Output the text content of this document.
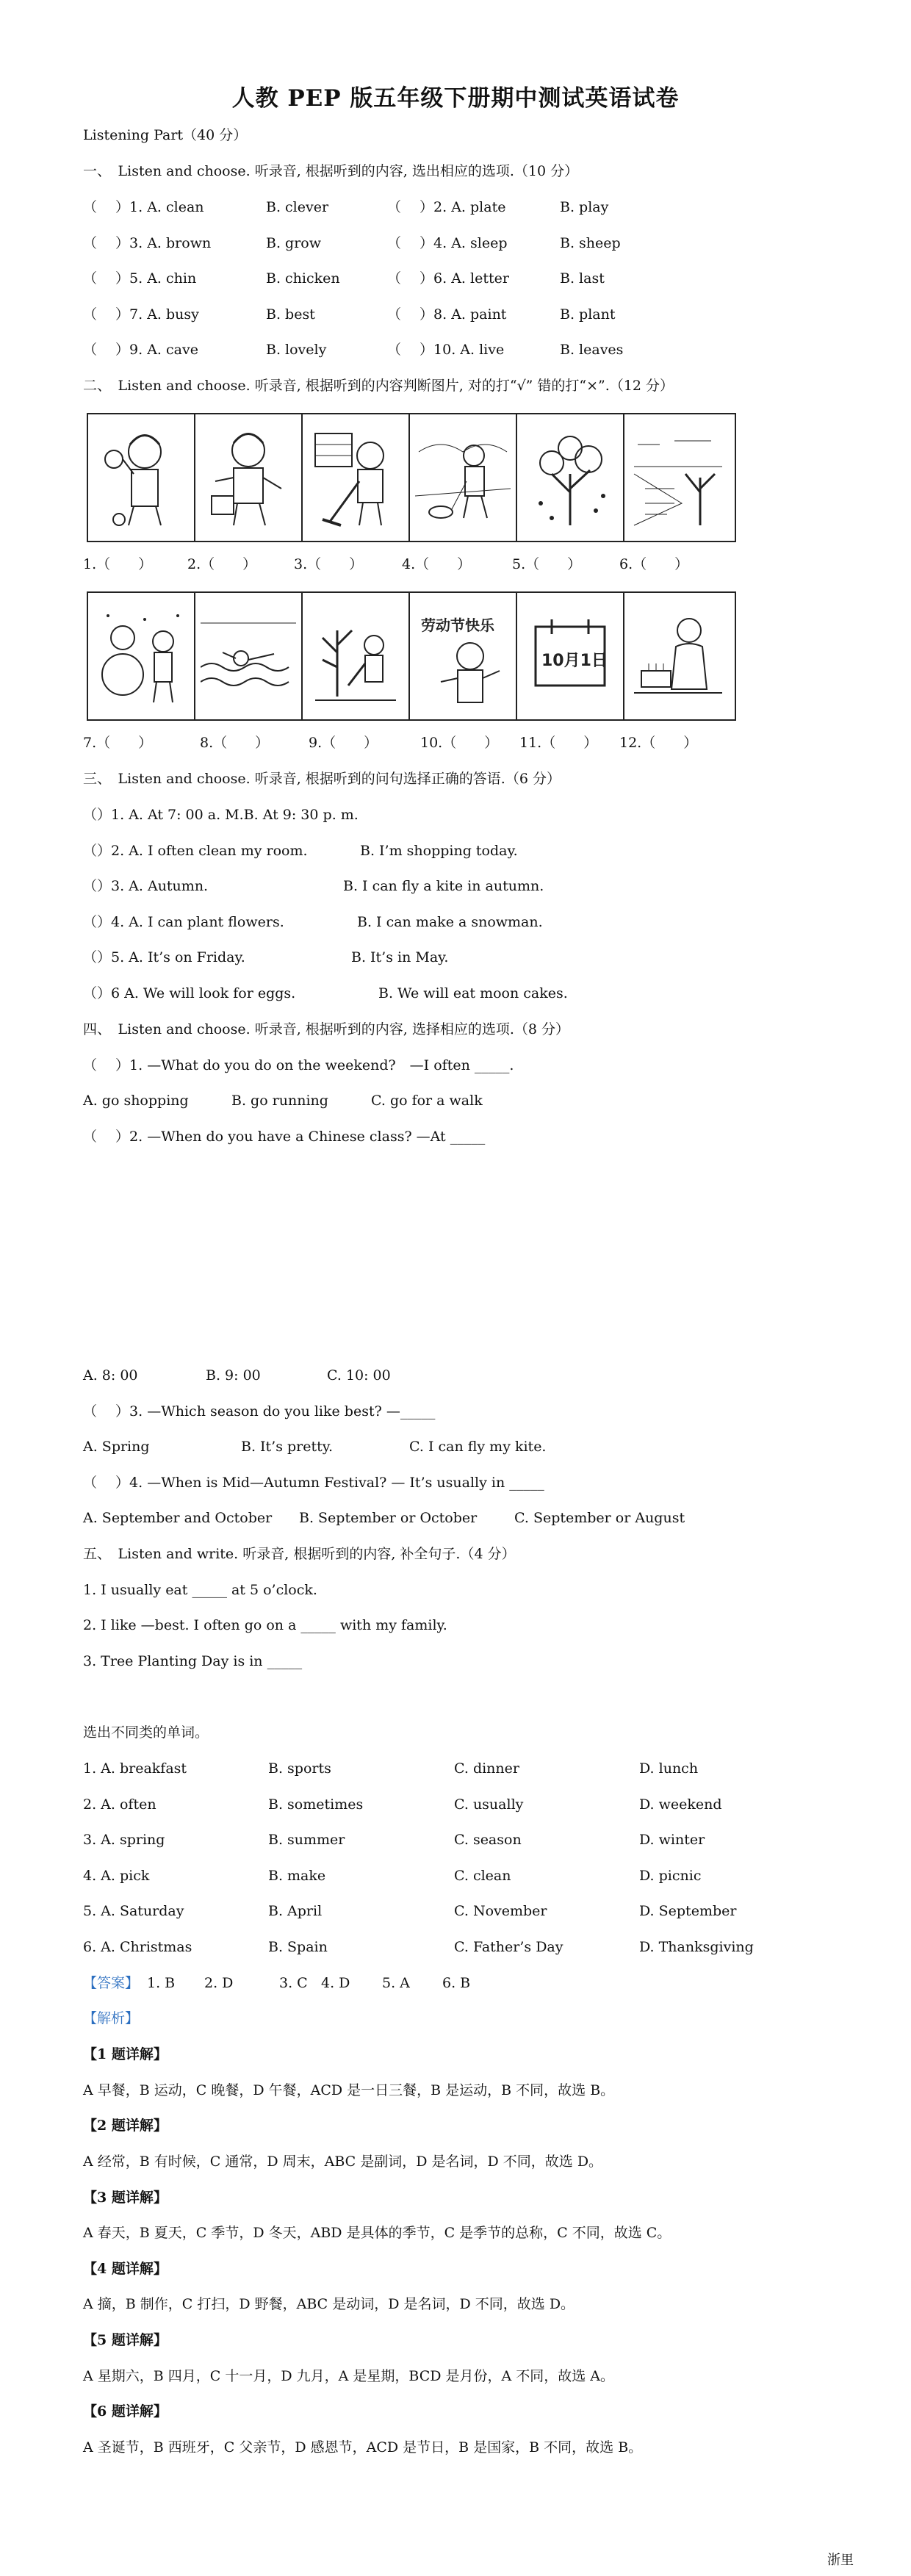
人教 PEP 版五年级下册期中测试英语试卷
Listening Part（40 分）
一、　Listen and choose. 听录音, 根据听到的内容, 选出相应的选项.（10 分）
（　 ）1. A. clean	B. clever	（　 ）2. A. plate	B. play
（　 ）3. A. brown	B. grow	（　 ）4. A. sleep	B. sheep
（　 ）5. A. chin	B. chicken	（　 ）6. A. letter	B. last
（　 ）7. A. busy	B. best	（　 ）8. A. paint	B. plant
（　 ）9. A. cave	B. lovely	（　 ）10. A. live	B. leaves
二、　Listen and choose. 听录音, 根据听到的内容判断图片, 对的打“√” 错的打“×”.（12 分）
1.（　　）	2.（　　）	3.（　　）	4.（　　）	5.（　　）	6.（　　）
劳动节快乐
10月1日
7.（　　）	8.（　　）	9.（　　）	10.（　　） 11.（　　） 12.（　　）
三、　Listen and choose. 听录音, 根据听到的问句选择正确的答语.（6 分）
（）1. A. At 7: 00 a. M.B. At 9: 30 p. m.
（）2. A. I often clean my room.	B. I’m shopping today.
（）3. A. Autumn.	B. I can fly a kite in autumn.
（）4. A. I can plant flowers.	B. I can make a snowman.
（）5. A. It’s on Friday.	B. It’s in May.
（）6 A. We will look for eggs.	B. We will eat moon cakes.
四、　Listen and choose. 听录音, 根据听到的内容, 选择相应的选项.（8 分）
（　 ）1. —What do you do on the weekend?　—I often _____.
A. go shopping	B. go running	C. go for a walk
（　 ）2. —When do you have a Chinese class? —At _____
A. 8: 00	B. 9: 00	C. 10: 00
（　 ）3. —Which season do you like best? —_____
A. Spring	B. It’s pretty.	C. I can fly my kite.
（　 ）4. —When is Mid—Autumn Festival? — It’s usually in _____
A. September and October B. September or October	C. September or August
五、　Listen and write. 听录音, 根据听到的内容, 补全句子.（4 分）
1. I usually eat _____ at 5 o’clock.
2. I like —best. I often go on a _____ with my family.
3. Tree Planting Day is in _____
选出不同类的单词。
1. A. breakfast	B. sports	C. dinner	D. lunch
2. A. often	B. sometimes	C. usually	D. weekend
3. A. spring	B. summer	C. season	D. winter
4. A. pick	B. make	C. clean	D. picnic
5. A. Saturday	B. April	C. November	D. September
6. A. Christmas	B. Spain	C. Father’s Day	D. Thanksgiving
【答案】 1. B 2. D	3. C 4. D 5. A 6. B
【解析】
【1 题详解】
A 早餐，B 运动，C 晚餐，D 午餐，ACD 是一日三餐，B 是运动，B 不同，故选 B。
【2 题详解】
A 经常，B 有时候，C 通常，D 周末，ABC 是副词，D 是名词，D 不同，故选 D。
【3 题详解】
A 春天，B 夏天，C 季节，D 冬天，ABD 是具体的季节，C 是季节的总称，C 不同，故选 C。
【4 题详解】
A 摘，B 制作，C 打扫，D 野餐，ABC 是动词，D 是名词，D 不同，故选 D。
【5 题详解】
A 星期六，B 四月，C 十一月，D 九月，A 是星期，BCD 是月份，A 不同，故选 A。
【6 题详解】
A 圣诞节，B 西班牙，C 父亲节，D 感恩节，ACD 是节日，B 是国家，B 不同，故选 B。
浙里
